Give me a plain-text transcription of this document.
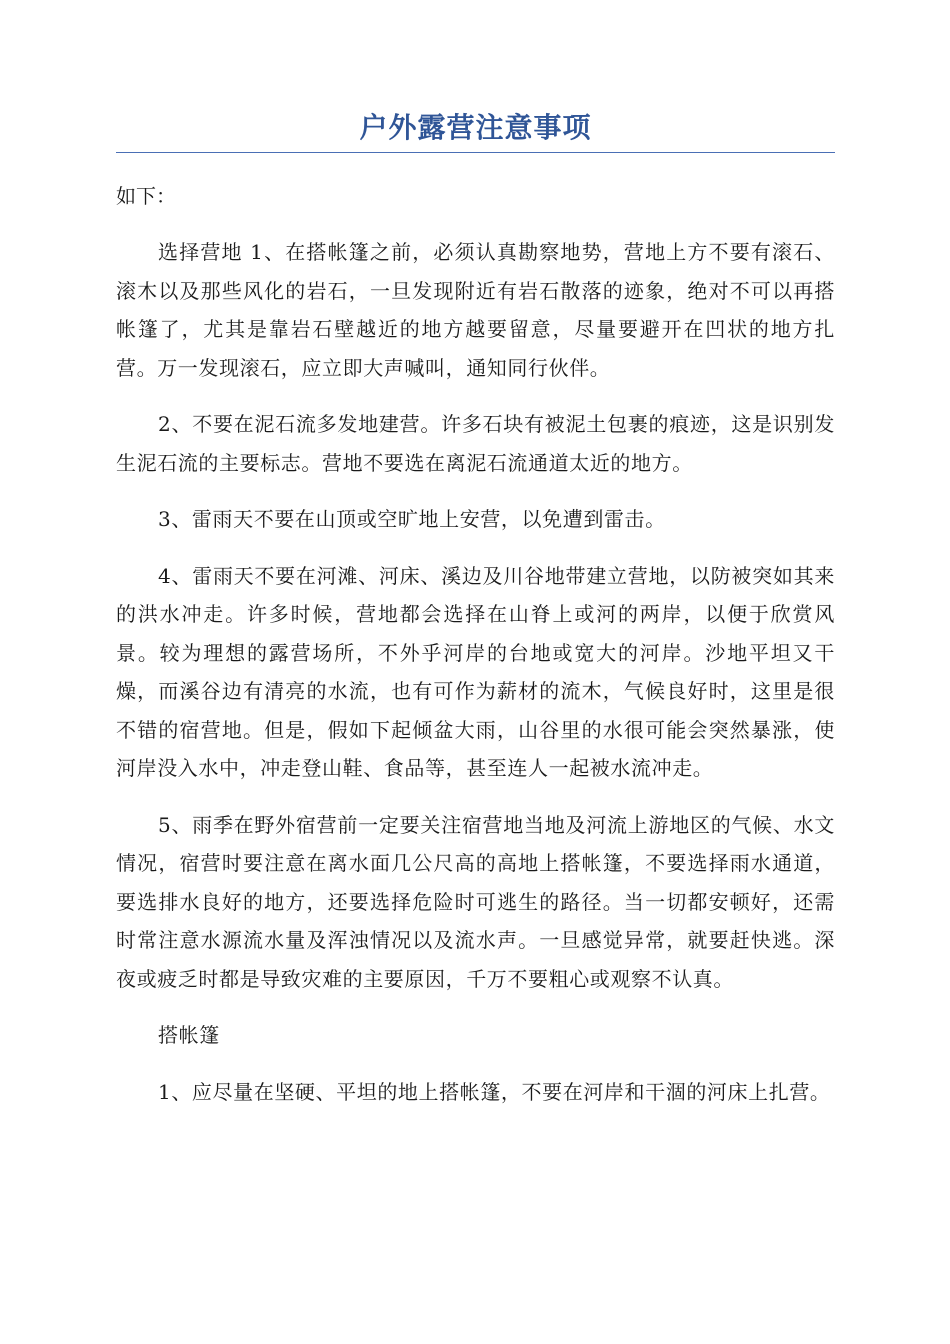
户外露营注意事项

如下：

选择营地 1、在搭帐篷之前，必须认真勘察地势，营地上方不要有滚石、滚木以及那些风化的岩石，一旦发现附近有岩石散落的迹象，绝对不可以再搭帐篷了，尤其是靠岩石壁越近的地方越要留意，尽量要避开在凹状的地方扎营。万一发现滚石，应立即大声喊叫，通知同行伙伴。

2、不要在泥石流多发地建营。许多石块有被泥土包裹的痕迹，这是识别发生泥石流的主要标志。营地不要选在离泥石流通道太近的地方。

3、雷雨天不要在山顶或空旷地上安营，以免遭到雷击。

4、雷雨天不要在河滩、河床、溪边及川谷地带建立营地，以防被突如其来的洪水冲走。许多时候，营地都会选择在山脊上或河的两岸，以便于欣赏风景。较为理想的露营场所，不外乎河岸的台地或宽大的河岸。沙地平坦又干燥，而溪谷边有清亮的水流，也有可作为薪材的流木，气候良好时，这里是很不错的宿营地。但是，假如下起倾盆大雨，山谷里的水很可能会突然暴涨，使河岸没入水中，冲走登山鞋、食品等，甚至连人一起被水流冲走。

5、雨季在野外宿营前一定要关注宿营地当地及河流上游地区的气候、水文情况，宿营时要注意在离水面几公尺高的高地上搭帐篷，不要选择雨水通道，要选排水良好的地方，还要选择危险时可逃生的路径。当一切都安顿好，还需时常注意水源流水量及浑浊情况以及流水声。一旦感觉异常，就要赶快逃。深夜或疲乏时都是导致灾难的主要原因，千万不要粗心或观察不认真。

搭帐篷

1、应尽量在坚硬、平坦的地上搭帐篷，不要在河岸和干涸的河床上扎营。
